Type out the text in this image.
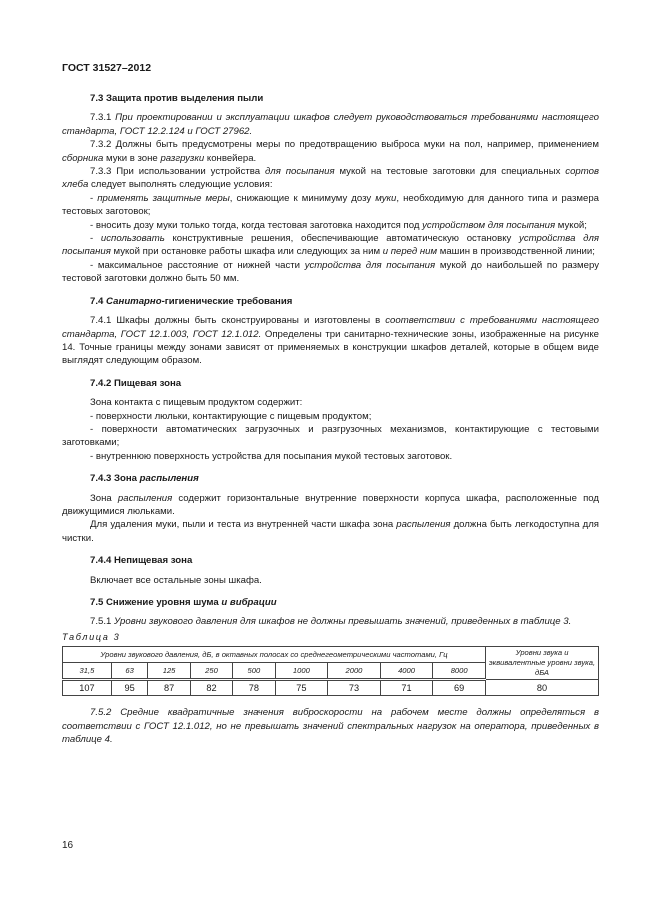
ГОСТ 31527–2012
7.3 Защита против выделения пыли

7.3.1 При проектировании и эксплуатации шкафов следует руководствоваться требованиями настоящего стандарта, ГОСТ 12.2.124 и ГОСТ 27962.

7.3.2 Должны быть предусмотрены меры по предотвращению выброса муки на пол, например, применением сборника муки в зоне разгрузки конвейера.

7.3.3 При использовании устройства для посыпания мукой на тестовые заготовки для специальных сортов хлеба следует выполнять следующие условия:

- применять защитные меры, снижающие к минимуму дозу муки, необходимую для данного типа и размера тестовых заготовок;

- вносить дозу муки только тогда, когда тестовая заготовка находится под устройством для посыпания мукой;

- использовать конструктивные решения, обеспечивающие автоматическую остановку устройства для посыпания мукой при остановке работы шкафа или следующих за ним и перед ним машин в производственной линии;

- максимальное расстояние от нижней части устройства для посыпания мукой до наибольшей по размеру тестовой заготовки должно быть 50 мм.

7.4 Санитарно-гигиенические требования

7.4.1 Шкафы должны быть сконструированы и изготовлены в соответствии с требованиями настоящего стандарта, ГОСТ 12.1.003, ГОСТ 12.1.012. Определены три санитарно-технические зоны, изображенные на рисунке 14. Точные границы между зонами зависят от применяемых в конструкции шкафов деталей, которые в общем виде выглядят следующим образом.

7.4.2 Пищевая зона

Зона контакта с пищевым продуктом содержит:

- поверхности люльки, контактирующие с пищевым продуктом;

- поверхности автоматических загрузочных и разгрузочных механизмов, контактирующие с тестовыми заготовками;

- внутреннюю поверхность устройства для посыпания мукой тестовых заготовок.

7.4.3 Зона распыления

Зона распыления содержит горизонтальные внутренние поверхности корпуса шкафа, расположенные под движущимися люльками.

Для удаления муки, пыли и теста из внутренней части шкафа зона распыления должна быть легкодоступна для чистки.

7.4.4 Непищевая зона

Включает все остальные зоны шкафа.

7.5 Снижение уровня шума и вибрации

7.5.1 Уровни звукового давления для шкафов не должны превышать значений, приведенных в таблице 3.

Таблица 3
Уровни звукового давления, дБ, в октавных полосах со среднегеометрическими частотами, Гц									Уровни звука и эквивалентные уровни звука, дБА
31,5	63	125	250	500	1000	2000	4000	8000	
107	95	87	82	78	75	73	71	69	80

7.5.2 Средние квадратичные значения виброскорости на рабочем месте должны определяться в соответствии с ГОСТ 12.1.012, но не превышать значений спектральных нагрузок на оператора, приведенных в таблице 4.

16
